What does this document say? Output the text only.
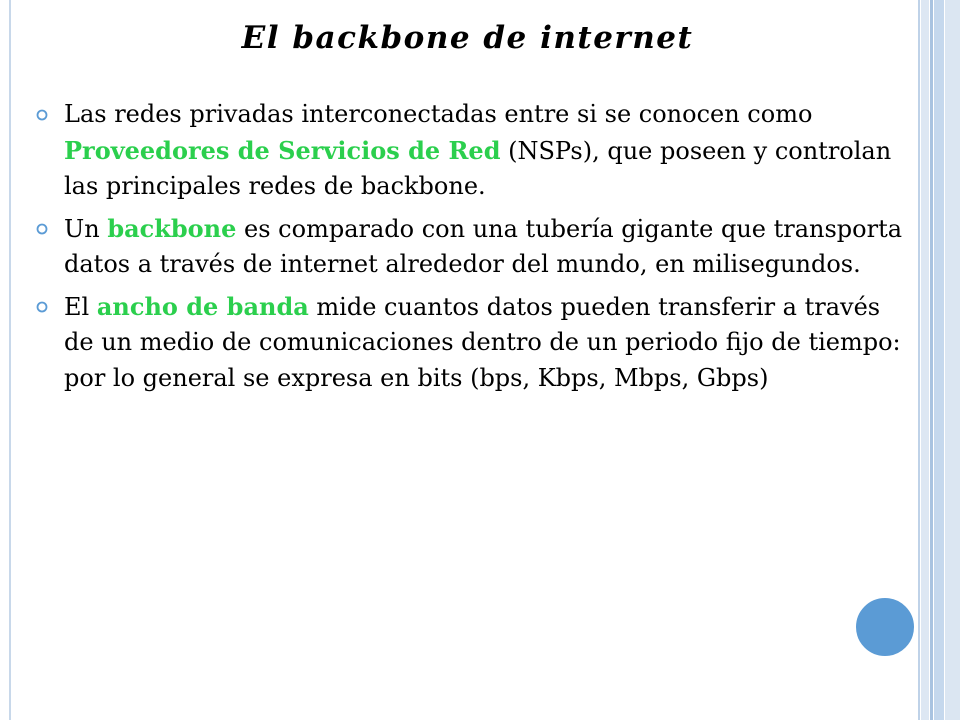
El backbone de internet
Las redes privadas interconectadas entre si se conocen como Proveedores de Servicios de Red (NSPs), que poseen y controlan las principales redes de backbone.
Un backbone es comparado con una tubería gigante que transporta datos a través de internet alrededor del mundo, en milisegundos.
El ancho de banda mide cuantos datos pueden transferir a través de un medio de comunicaciones dentro de un periodo fijo de tiempo: por lo general se expresa en bits (bps, Kbps, Mbps, Gbps)
